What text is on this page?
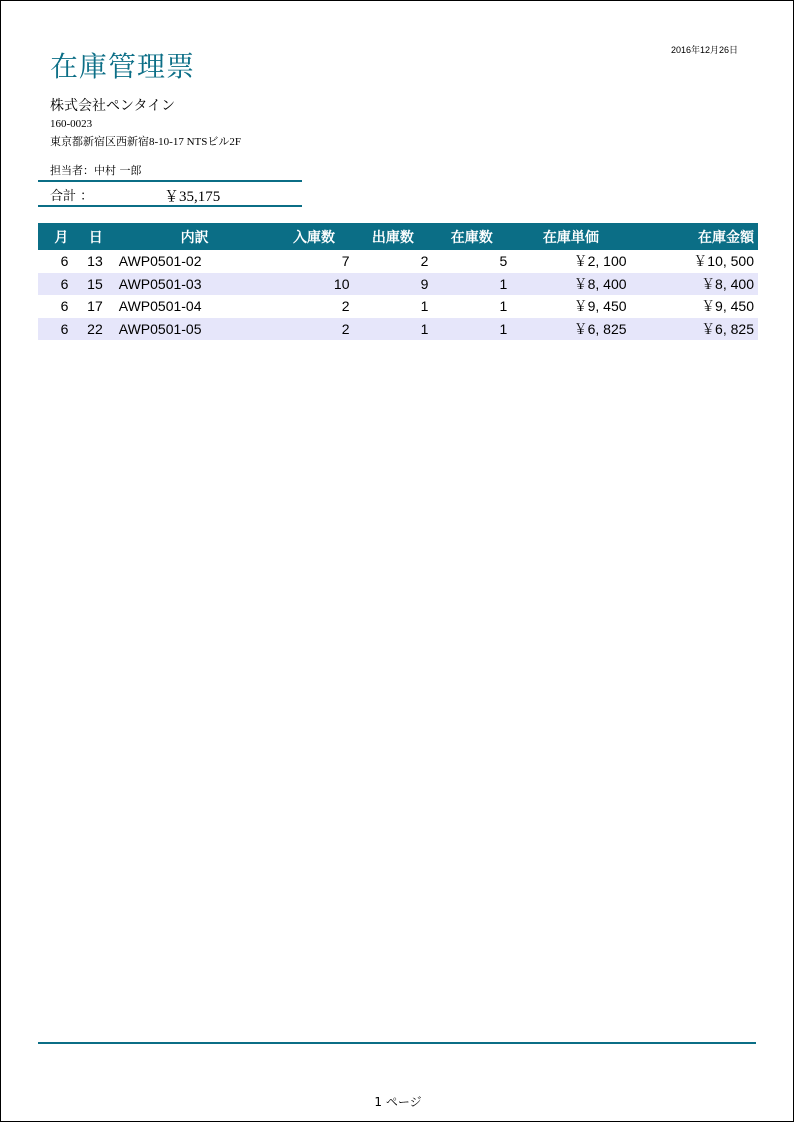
在庫管理票	2016年12月26日
株式会社ペンタイン
160-0023
東京都新宿区西新宿8-10-17 NTSビル2F
担当者：中村 一郎
合計 ：	￥35,175
月	日	内訳	入庫数	出庫数	在庫数	在庫単価	在庫金額
6	13	AWP0501-02	7	2	5	￥2, 100	￥10, 500
6	15	AWP0501-03	10	9	1	￥8, 400	￥8, 400
6	17	AWP0501-04	2	1	1	￥9, 450	￥9, 450
6	22	AWP0501-05	2	1	1	￥6, 825	￥6, 825
1 ページ
